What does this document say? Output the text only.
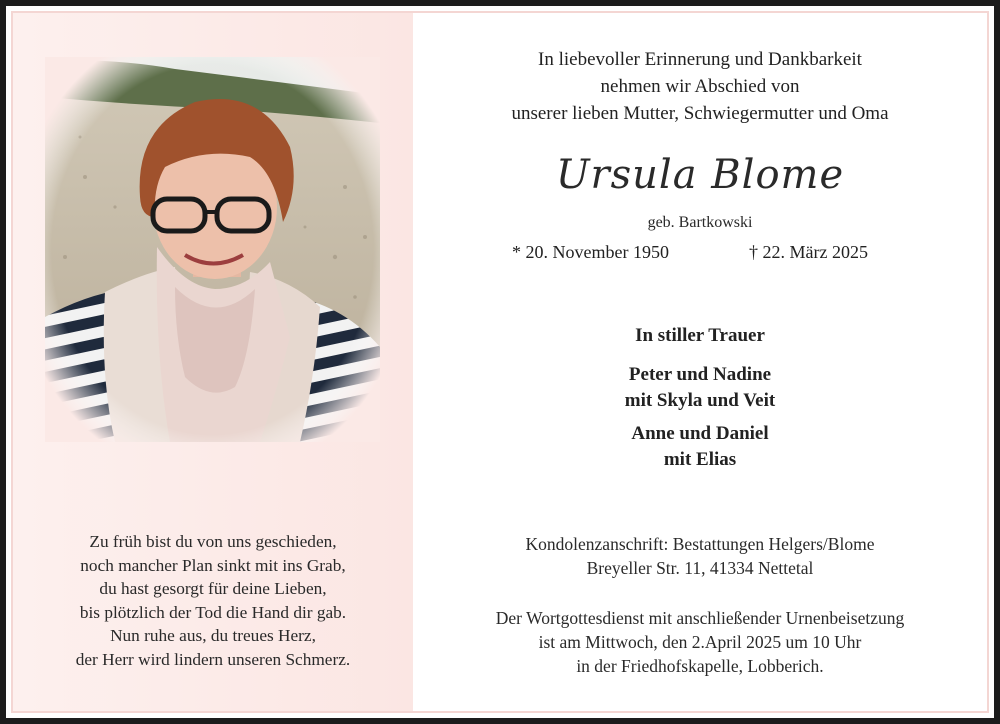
Zu früh bist du von uns geschieden,
noch mancher Plan sinkt mit ins Grab,
du hast gesorgt für deine Lieben,
bis plötzlich der Tod die Hand dir gab.
Nun ruhe aus, du treues Herz,
der Herr wird lindern unseren Schmerz.
In liebevoller Erinnerung und Dankbarkeit
nehmen wir Abschied von
unserer lieben Mutter, Schwiegermutter und Oma
Ursula Blome
geb. Bartkowski
* 20. November 1950	† 22. März 2025
In stiller Trauer
Peter und Nadine
mit Skyla und Veit
Anne und Daniel
mit Elias
Kondolenzanschrift: Bestattungen Helgers/Blome
Breyeller Str. 11, 41334 Nettetal
Der Wortgottesdienst mit anschließender Urnenbeisetzung
ist am Mittwoch, den 2.April 2025 um 10 Uhr
in der Friedhofskapelle, Lobberich.
